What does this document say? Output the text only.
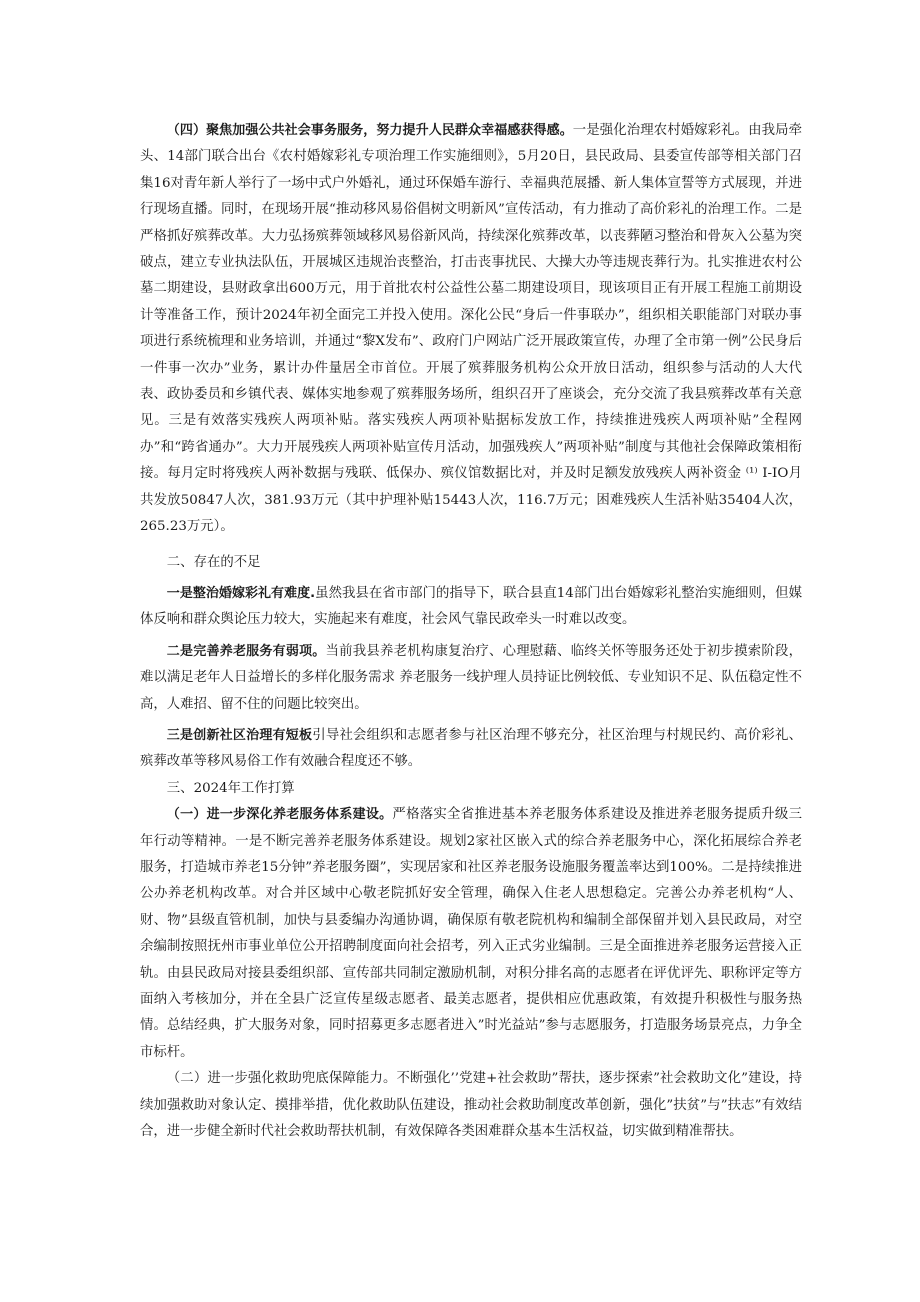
（四）聚焦加强公共社会事务服务，努力提升人民群众幸福感获得感。一是强化治理农村婚嫁彩礼。由我局牵头、14部门联合出台《农村婚嫁彩礼专项治理工作实施细则》，5月20日，县民政局、县委宣传部等相关部门召集16对青年新人举行了一场中式户外婚礼，通过环保婚车游行、幸福典范展播、新人集体宣誓等方式展现，并进行现场直播。同时，在现场开展“推动移风易俗倡树文明新风”宣传活动，有力推动了高价彩礼的治理工作。二是严格抓好殡葬改革。大力弘扬殡葬领域移风易俗新风尚，持续深化殡葬改革，以丧葬陋习整治和骨灰入公墓为突破点，建立专业执法队伍，开展城区违规治丧整治，打击丧事扰民、大操大办等违规丧葬行为。扎实推进农村公墓二期建设，县财政拿出600万元，用于首批农村公益性公墓二期建设项目，现该项目正有开展工程施工前期设计等准备工作，预计2024年初全面完工并投入使用。深化公民“身后一件事联办”，组织相关职能部门对联办事项进行系统梳理和业务培训，并通过“黎X发布”、政府门户网站广泛开展政策宣传，办理了全市第一例”公民身后一件事一次办”业务，累计办件量居全市首位。开展了殡葬服务机构公众开放日活动，组织参与活动的人大代表、政协委员和乡镇代表、媒体实地参观了殡葬服务场所，组织召开了座谈会，充分交流了我县殡葬改革有关意见。三是有效落实残疾人两项补贴。落实残疾人两项补贴据标发放工作，持续推进残疾人两项补贴”全程网办”和“跨省通办”。大力开展残疾人两项补贴宣传月活动，加强残疾人”两项补贴”制度与其他社会保障政策相衔接。每月定时将残疾人两补数据与残联、低保办、殡仪馆数据比对，并及时足额发放残疾人两补资金 ⁽¹⁾ I-IO月共发放50847人次，381.93万元（其中护理补贴15443人次，116.7万元；困难残疾人生活补贴35404人次，265.23万元）。

二、存在的不足

一是整治婚嫁彩礼有难度.虽然我县在省市部门的指导下，联合县直14部门出台婚嫁彩礼整治实施细则，但媒体反响和群众舆论压力较大，实施起来有难度，社会风气靠民政牵头一时难以改变。

二是完善养老服务有弱项。当前我县养老机构康复治疗、心理慰藉、临终关怀等服务还处于初步摸索阶段，难以满足老年人日益增长的多样化服务需求 养老服务一线护理人员持证比例较低、专业知识不足、队伍稳定性不高，人难招、留不住的问题比较突出。

三是创新社区治理有短板引导社会组织和志愿者参与社区治理不够充分，社区治理与村规民约、高价彩礼、殡葬改革等移风易俗工作有效融合程度还不够。

三、2024年工作打算

（一）进一步深化养老服务体系建设。严格落实全省推进基本养老服务体系建设及推进养老服务提质升级三年行动等精神。一是不断完善养老服务体系建设。规划2家社区嵌入式的综合养老服务中心，深化拓展综合养老服务，打造城市养老15分钟”养老服务圈”，实现居家和社区养老服务设施服务覆盖率达到100%。二是持续推进公办养老机构改革。对合并区域中心敬老院抓好安全管理，确保入住老人思想稳定。完善公办养老机构“人、财、物”县级直管机制，加快与县委编办沟通协调，确保原有敬老院机构和编制全部保留并划入县民政局，对空余编制按照抚州市事业单位公开招聘制度面向社会招考，列入正式劣业编制。三是全面推进养老服务运营接入正轨。由县民政局对接县委组织部、宣传部共同制定激励机制，对积分排名高的志愿者在评优评先、职称评定等方面纳入考核加分，并在全县广泛宣传星级志愿者、最美志愿者，提供相应优惠政策，有效提升积极性与服务热情。总结经典，扩大服务对象，同时招募更多志愿者进入”时光益站”参与志愿服务，打造服务场景亮点，力争全市标杆。

（二）进一步强化救助兜底保障能力。不断强化’’党建+社会救助”帮扶，逐步探索”社会救助文化”建设，持续加强救助对象认定、摸排举措，优化救助队伍建设，推动社会救助制度改革创新，强化”扶贫”与”扶志”有效结合，进一步健全新时代社会救助帮扶机制，有效保障各类困难群众基本生活权益，切实做到精准帮扶。
